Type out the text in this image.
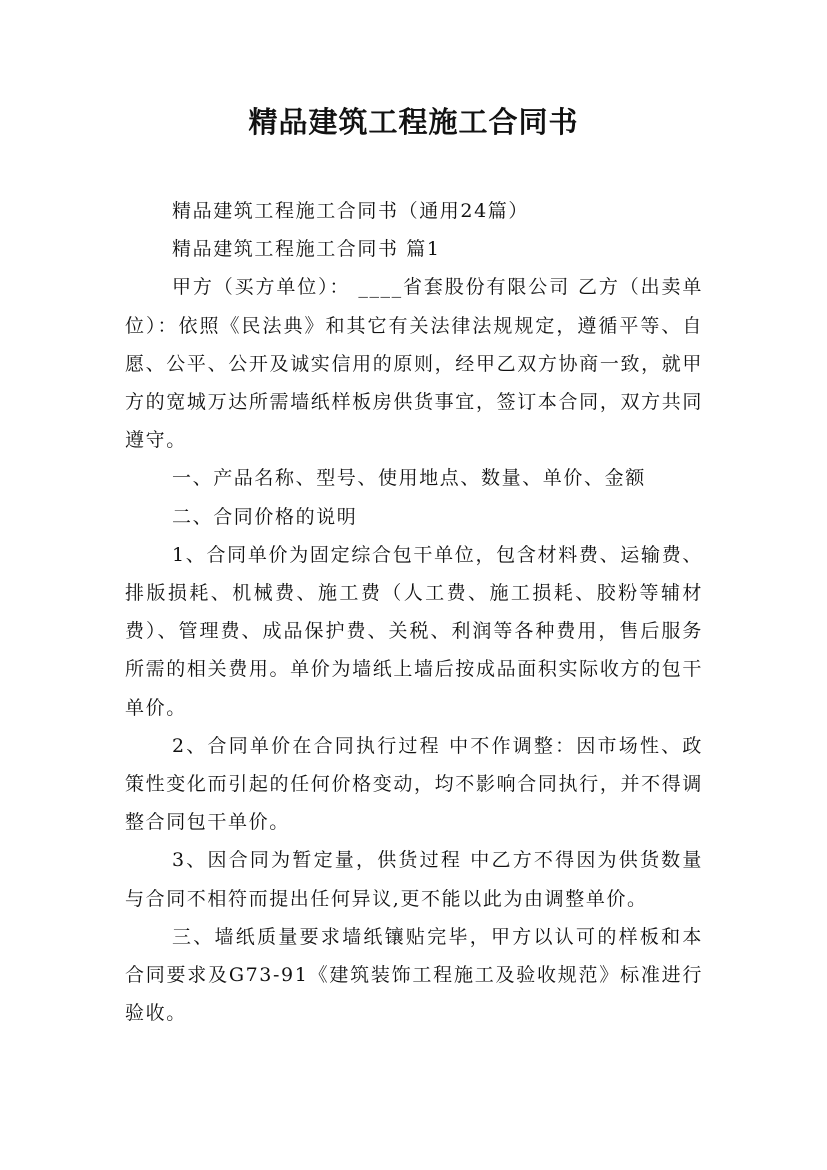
精品建筑工程施工合同书

精品建筑工程施工合同书（通用24篇）

精品建筑工程施工合同书 篇1

甲方（买方单位）： ____省套股份有限公司 乙方（出卖单位）：依照《民法典》和其它有关法律法规规定，遵循平等、自愿、公平、公开及诚实信用的原则，经甲乙双方协商一致，就甲方的宽城万达所需墙纸样板房供货事宜，签订本合同，双方共同遵守。

一、产品名称、型号、使用地点、数量、单价、金额

二、合同价格的说明

1、合同单价为固定综合包干单位，包含材料费、运输费、排版损耗、机械费、施工费（人工费、施工损耗、胶粉等辅材费）、管理费、成品保护费、关税、利润等各种费用，售后服务所需的相关费用。单价为墙纸上墙后按成品面积实际收方的包干单价。

2、合同单价在合同执行过程 中不作调整：因市场性、政策性变化而引起的任何价格变动，均不影响合同执行，并不得调整合同包干单价。

3、因合同为暂定量，供货过程 中乙方不得因为供货数量与合同不相符而提出任何异议,更不能以此为由调整单价。

三、墙纸质量要求墙纸镶贴完毕，甲方以认可的样板和本合同要求及G73-91《建筑装饰工程施工及验收规范》标准进行验收。
